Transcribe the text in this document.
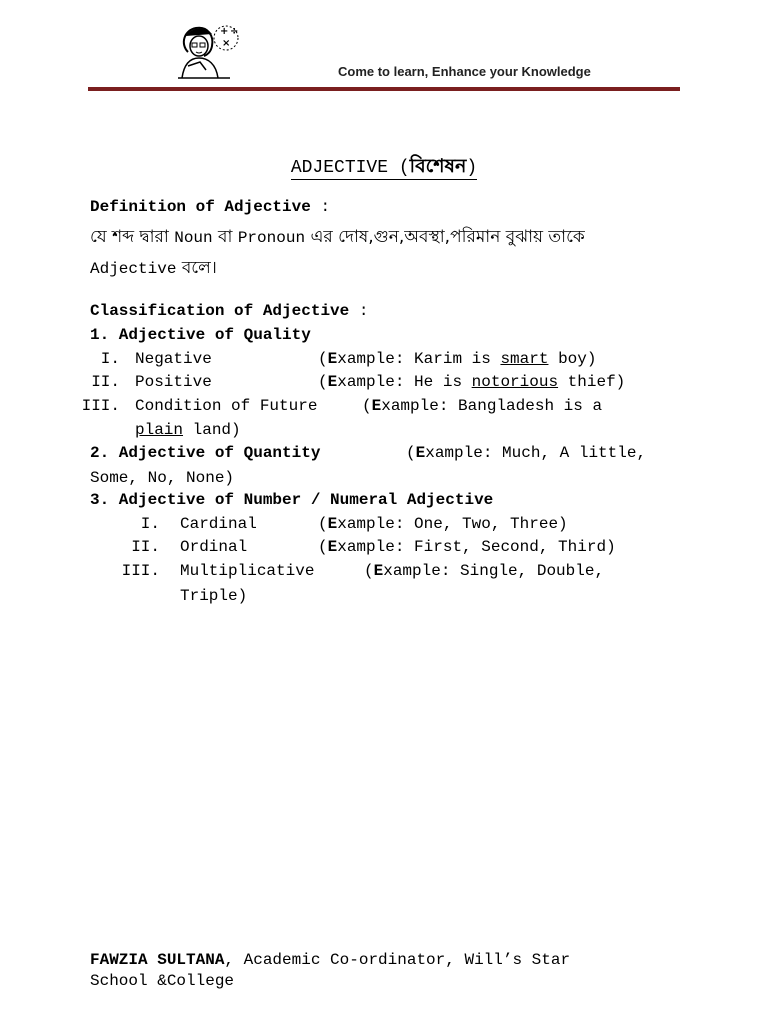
+ ÷
×
Come to learn, Enhance your Knowledge
ADJECTIVE (বিশেষন)
Definition of Adjective :
যে শব্দ দ্বারা Noun বা Pronoun এর দোষ,গুন,অবস্থা,পরিমান বুঝায় তাকে
Adjective বলে।
Classification of Adjective :
1. Adjective of Quality
I. Negative	(Example: Karim is smart boy)
II. Positive	(Example: He is notorious thief)
III. Condition of Future	(Example: Bangladesh is a
plain land)
2. Adjective of Quantity	(Example: Much, A little,
Some, No, None)
3. Adjective of Number / Numeral Adjective
I. Cardinal	(Example: One, Two, Three)
II. Ordinal	(Example: First, Second, Third)
III. Multiplicative	(Example: Single, Double,
Triple)
FAWZIA SULTANA, Academic Co-ordinator, Will’s Star
School &College
